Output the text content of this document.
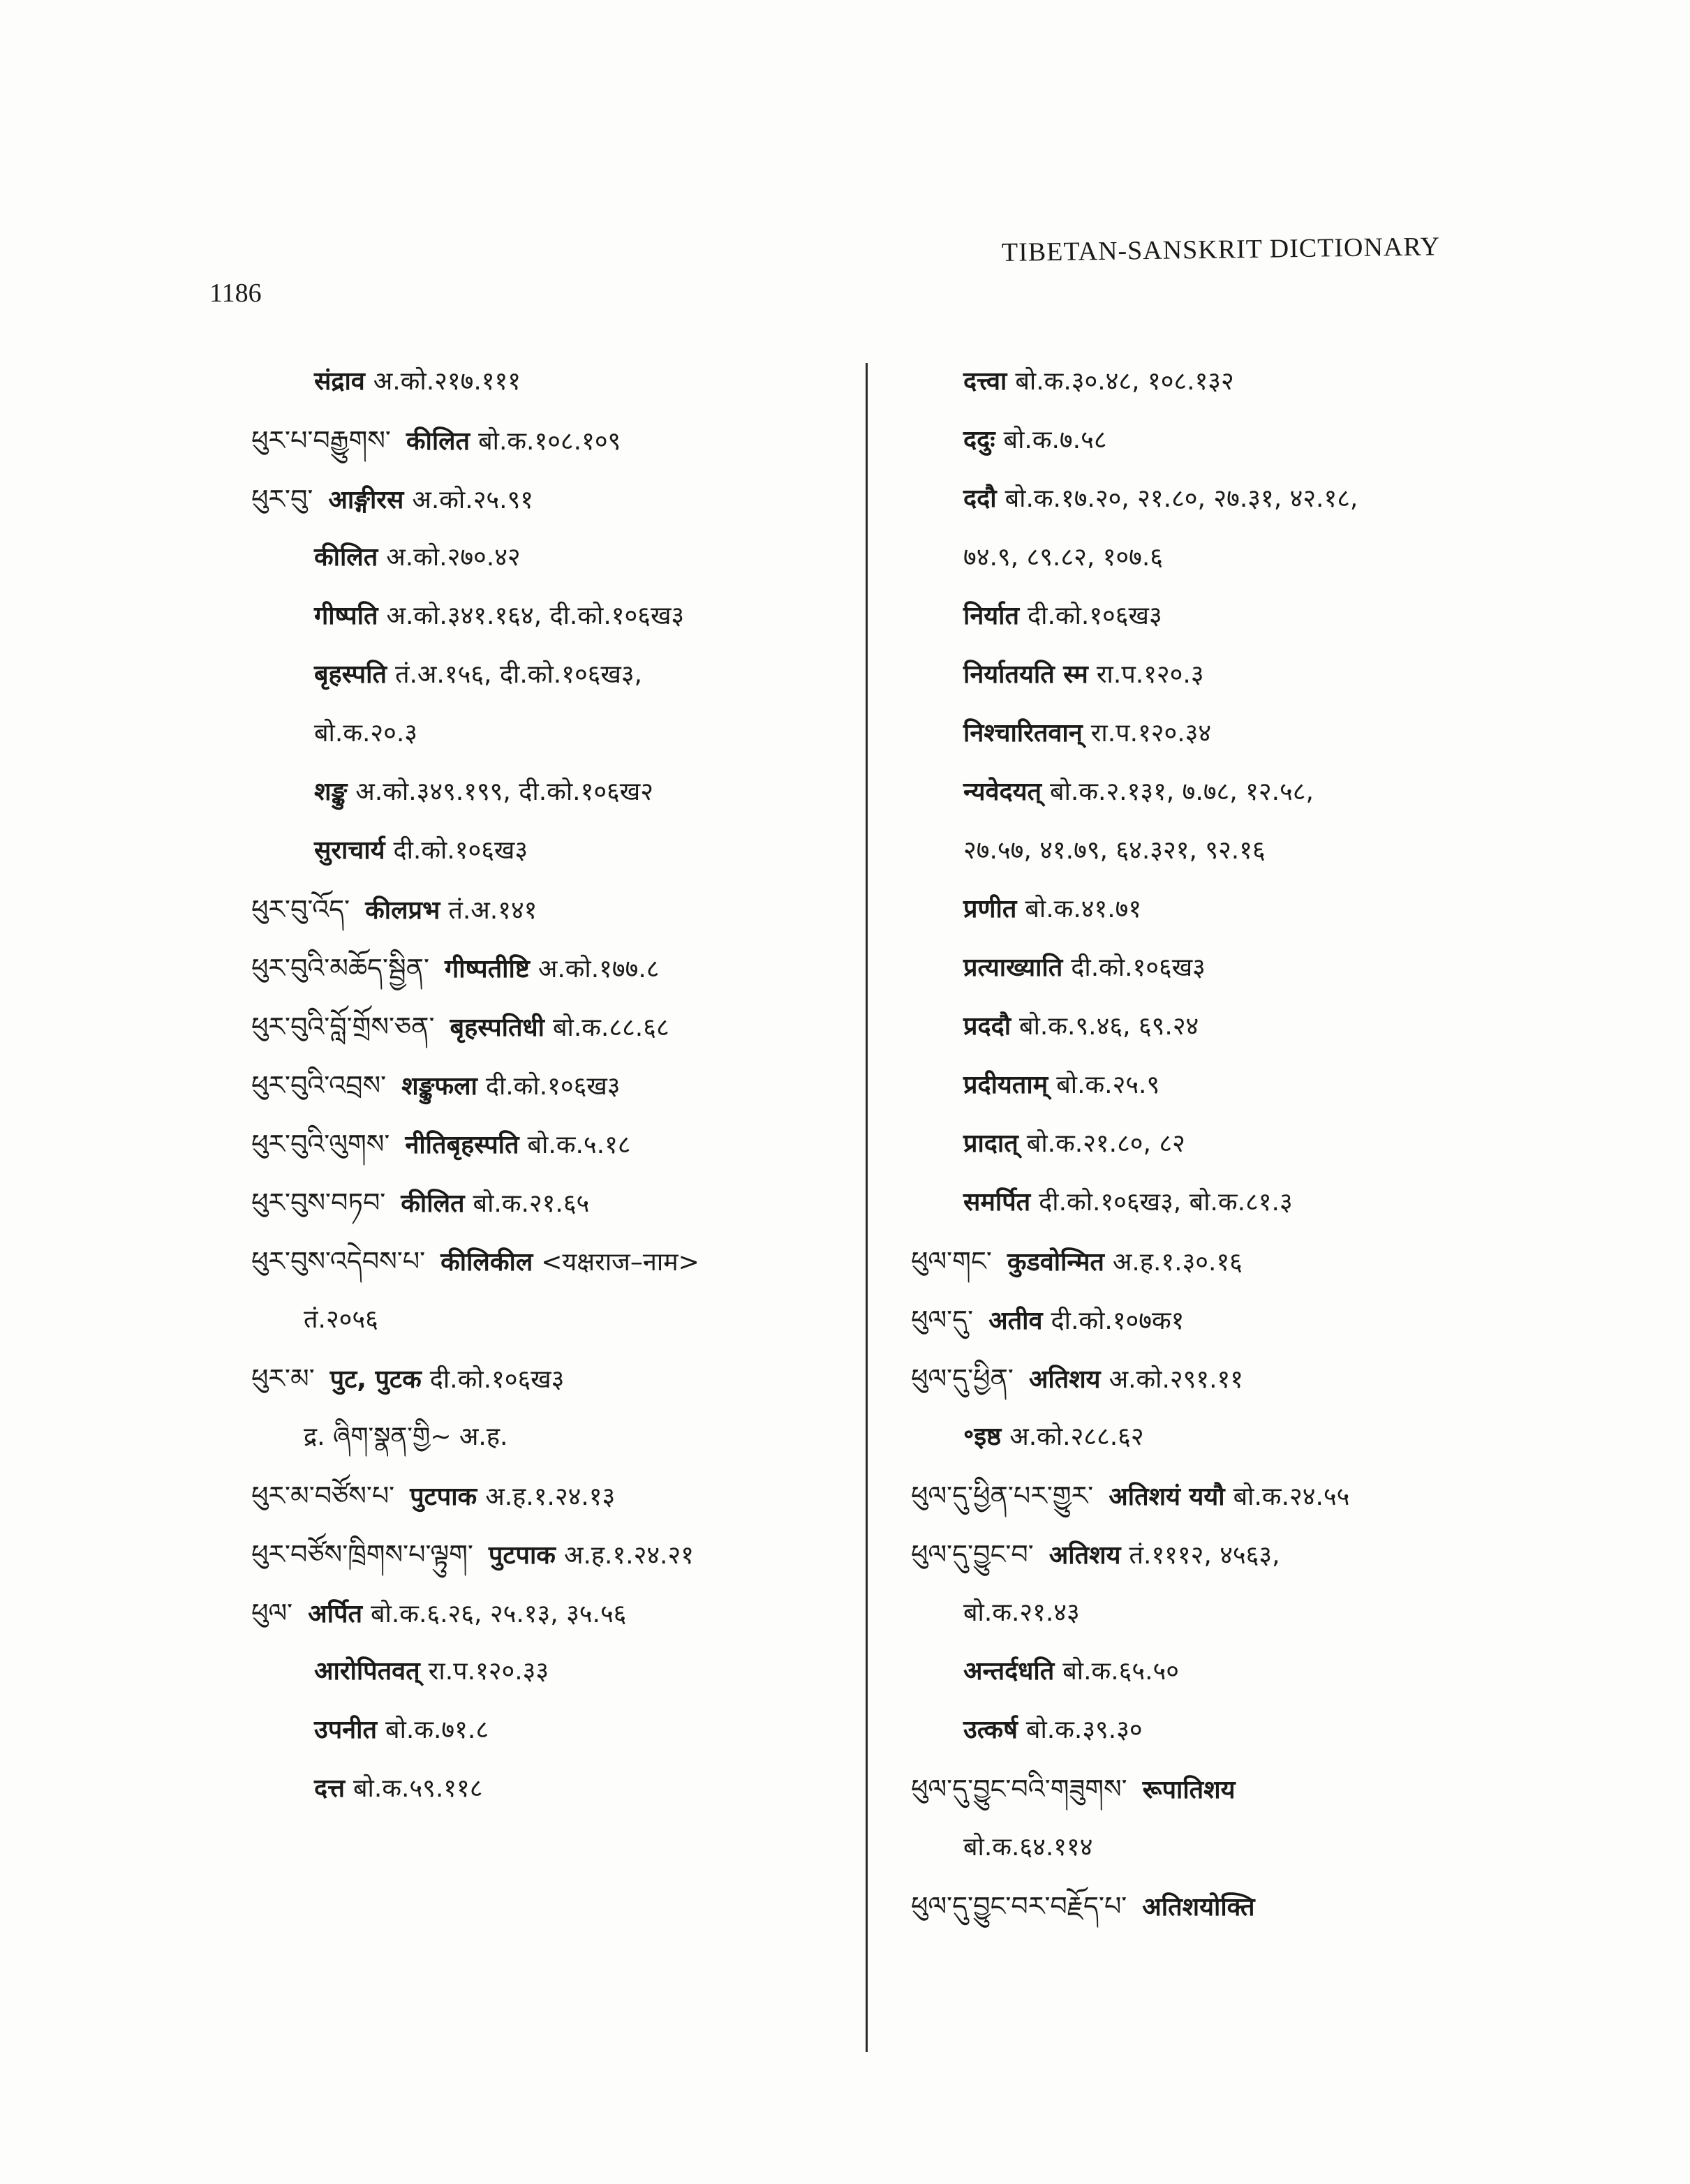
1186
TIBETAN-SANSKRIT DICTIONARY
संद्राव अ.को.२१७.१११
ཕུར་པ་བརྒྱུགས་ कीलित बो.क.१०८.१०९
ཕུར་བུ་ आङ्गीरस अ.को.२५.९१
कीलित अ.को.२७०.४२
गीष्पति अ.को.३४१.१६४, दी.को.१०६ख३
बृहस्पति तं.अ.१५६, दी.को.१०६ख३,
बो.क.२०.३
शङ्कु अ.को.३४९.१९९, दी.को.१०६ख२
सुराचार्य दी.को.१०६ख३
ཕུར་བུ་འོད་ कीलप्रभ तं.अ.१४१
ཕུར་བུའི་མཆོད་སྦྱིན་ गीष्पतीष्टि अ.को.१७७.८
ཕུར་བུའི་བློ་གྲོས་ཅན་ बृहस्पतिधी बो.क.८८.६८
ཕུར་བུའི་འབྲས་ शङ्कुफला दी.को.१०६ख३
ཕུར་བུའི་ལུགས་ नीतिबृहस्पति बो.क.५.१८
ཕུར་བུས་བཏབ་ कीलित बो.क.२१.६५
ཕུར་བུས་འདེབས་པ་ कीलिकील <यक्षराज–नाम>
तं.२०५६
ཕུར་མ་ पुट, पुटक दी.को.१०६ख३
द्र. ཞིག་སྣན་གྱི~ अ.ह.
ཕུར་མ་བཙོས་པ་ पुटपाक अ.ह.१.२४.१३
ཕུར་བཙོས་ཁྲིགས་པ་ལྟུག་ पुटपाक अ.ह.१.२४.२१
ཕུལ་ अर्पित बो.क.६.२६, २५.१३, ३५.५६
आरोपितवत् रा.प.१२०.३३
उपनीत बो.क.७१.८
दत्त बो.क.५९.११८
दत्त्वा बो.क.३०.४८, १०८.१३२
ददुः बो.क.७.५८
ददौ बो.क.१७.२०, २१.८०, २७.३१, ४२.१८,
७४.९, ८९.८२, १०७.६
निर्यात दी.को.१०६ख३
निर्यातयति स्म रा.प.१२०.३
निश्चारितवान् रा.प.१२०.३४
न्यवेदयत् बो.क.२.१३१, ७.७८, १२.५८,
२७.५७, ४१.७९, ६४.३२१, ९२.१६
प्रणीत बो.क.४१.७१
प्रत्याख्याति दी.को.१०६ख३
प्रददौ बो.क.९.४६, ६९.२४
प्रदीयताम् बो.क.२५.९
प्रादात् बो.क.२१.८०, ८२
समर्पित दी.को.१०६ख३, बो.क.८१.३
ཕུལ་གང་ कुडवोन्मित अ.ह.१.३०.१६
ཕུལ་དུ་ अतीव दी.को.१०७क१
ཕུལ་དུ་ཕྱིན་ अतिशय अ.को.२९१.११
॰इष्ठ अ.को.२८८.६२
ཕུལ་དུ་ཕྱིན་པར་གྱུར་ अतिशयं ययौ बो.क.२४.५५
ཕུལ་དུ་བྱུང་བ་ अतिशय तं.१११२, ४५६३,
बो.क.२१.४३
अन्तर्दधति बो.क.६५.५०
उत्कर्ष बो.क.३९.३०
ཕུལ་དུ་བྱུང་བའི་གཟུགས་ रूपातिशय
बो.क.६४.११४
ཕུལ་དུ་བྱུང་བར་བརྗོད་པ་ अतिशयोक्ति
